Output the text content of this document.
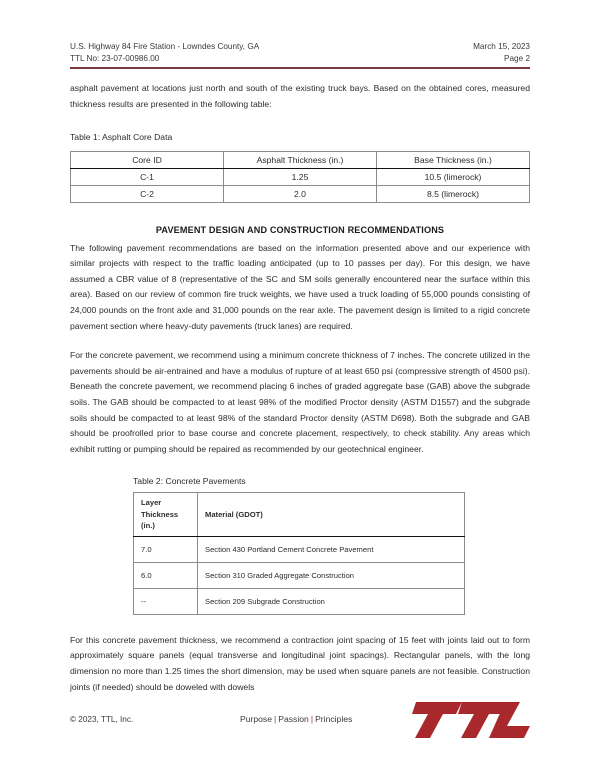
U.S. Highway 84 Fire Station - Lowndes County, GA
TTL No: 23-07-00986.00
March 15, 2023
Page 2

asphalt pavement at locations just north and south of the existing truck bays. Based on the obtained cores, measured thickness results are presented in the following table:

Table 1: Asphalt Core Data
Core ID	Asphalt Thickness (in.)	Base Thickness (in.)
C-1	1.25	10.5 (limerock)
C-2	2.0	8.5 (limerock)
PAVEMENT DESIGN AND CONSTRUCTION RECOMMENDATIONS

The following pavement recommendations are based on the information presented above and our experience with similar projects with respect to the traffic loading anticipated (up to 10 passes per day). For this design, we have assumed a CBR value of 8 (representative of the SC and SM soils generally encountered near the surface within this area). Based on our review of common fire truck weights, we have used a truck loading of 55,000 pounds consisting of 24,000 pounds on the front axle and 31,000 pounds on the rear axle. The pavement design is limited to a rigid concrete pavement section where heavy-duty pavements (truck lanes) are required.

For the concrete pavement, we recommend using a minimum concrete thickness of 7 inches. The concrete utilized in the pavements should be air-entrained and have a modulus of rupture of at least 650 psi (compressive strength of 4500 psi). Beneath the concrete pavement, we recommend placing 6 inches of graded aggregate base (GAB) above the subgrade soils. The GAB should be compacted to at least 98% of the modified Proctor density (ASTM D1557) and the subgrade soils should be compacted to at least 98% of the standard Proctor density (ASTM D698). Both the subgrade and GAB should be proofrolled prior to base course and concrete placement, respectively, to check stability. Any areas which exhibit rutting or pumping should be repaired as recommended by our geotechnical engineer.

Table 2: Concrete Pavements
Layer
Thickness (in.)	Material (GDOT)
7.0	Section 430 Portland Cement Concrete Pavement
6.0	Section 310 Graded Aggregate Construction
--	Section 209 Subgrade Construction

For this concrete pavement thickness, we recommend a contraction joint spacing of 15 feet with joints laid out to form approximately square panels (equal transverse and longitudinal joint spacings). Rectangular panels, with the long dimension no more than 1.25 times the short dimension, may be used when square panels are not feasible. Construction joints (if needed) should be doweled with dowels

© 2023, TTL, Inc.	Purpose | Passion | Principles
